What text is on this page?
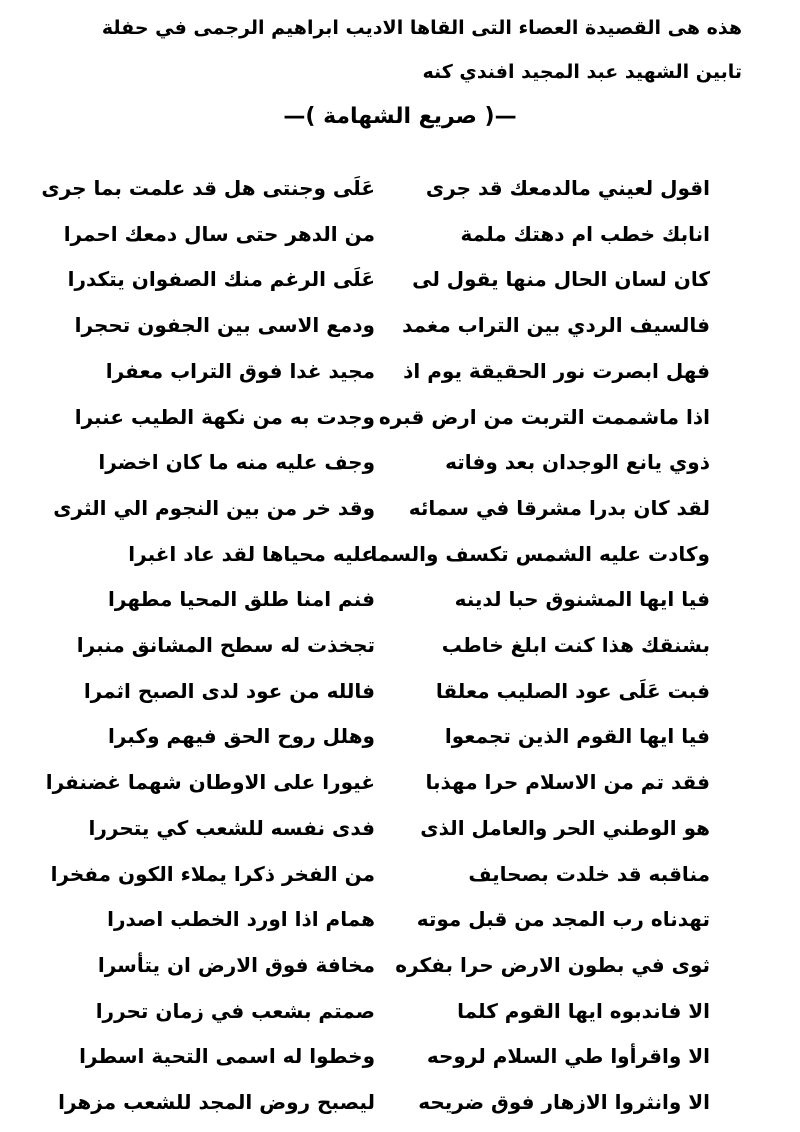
هذه هى القصيدة العصاء التى القاها الاديب ابراهيم الرجمى في حفلة تابين الشهيد عبد المجيد افندي كنه
—( صريع الشهامة )—
اقول لعيني مالدمعك قد جرى
عَلَى وجنتى هل قد علمت بما جرى
انابك خطب ام دهتك ملمة
من الدهر حتى سال دمعك احمرا
كان لسان الحال منها يقول لى
عَلَى الرغم منك الصفوان يتكدرا
فالسيف الردي بين التراب مغمد
ودمع الاسى بين الجفون تحجرا
فهل ابصرت نور الحقيقة يوم اذ
مجيد غدا فوق التراب معفرا
اذا ماشممت التربت من ارض قبره
وجدت به من نكهة الطيب عنبرا
ذوي يانع الوجدان بعد وفاته
وجف عليه منه ما كان اخضرا
لقد كان بدرا مشرقا في سمائه
وقد خر من بين النجوم الي الثرى
وكادت عليه الشمس تكسف والسما
عليه محياها لقد عاد اغبرا
فيا ايها المشنوق حبا لدينه
فنم امنا طلق المحيا مطهرا
بشنقك هذا كنت ابلغ خاطب
تجخذت له سطح المشانق منبرا
فبت عَلَى عود الصليب معلقا
فالله من عود لدى الصبح اثمرا
فيا ايها القوم الذين تجمعوا
وهلل روح الحق فيهم وكبرا
فقد تم من الاسلام حرا مهذبا
غيورا على الاوطان شهما غضنفرا
هو الوطني الحر والعامل الذى
فدى نفسه للشعب كي يتحررا
مناقبه قد خلدت بصحايف
من الفخر ذكرا يملاء الكون مفخرا
تهدناه رب المجد من قبل موته
همام اذا اورد الخطب اصدرا
ثوى في بطون الارض حرا بفكره
مخافة فوق الارض ان يتأسرا
الا فاندبوه ايها القوم كلما
صمتم بشعب في زمان تحررا
الا واقرأوا طي السلام لروحه
وخطوا له اسمى التحية اسطرا
الا وانثروا الازهار فوق ضريحه
ليصبح روض المجد للشعب مزهرا
